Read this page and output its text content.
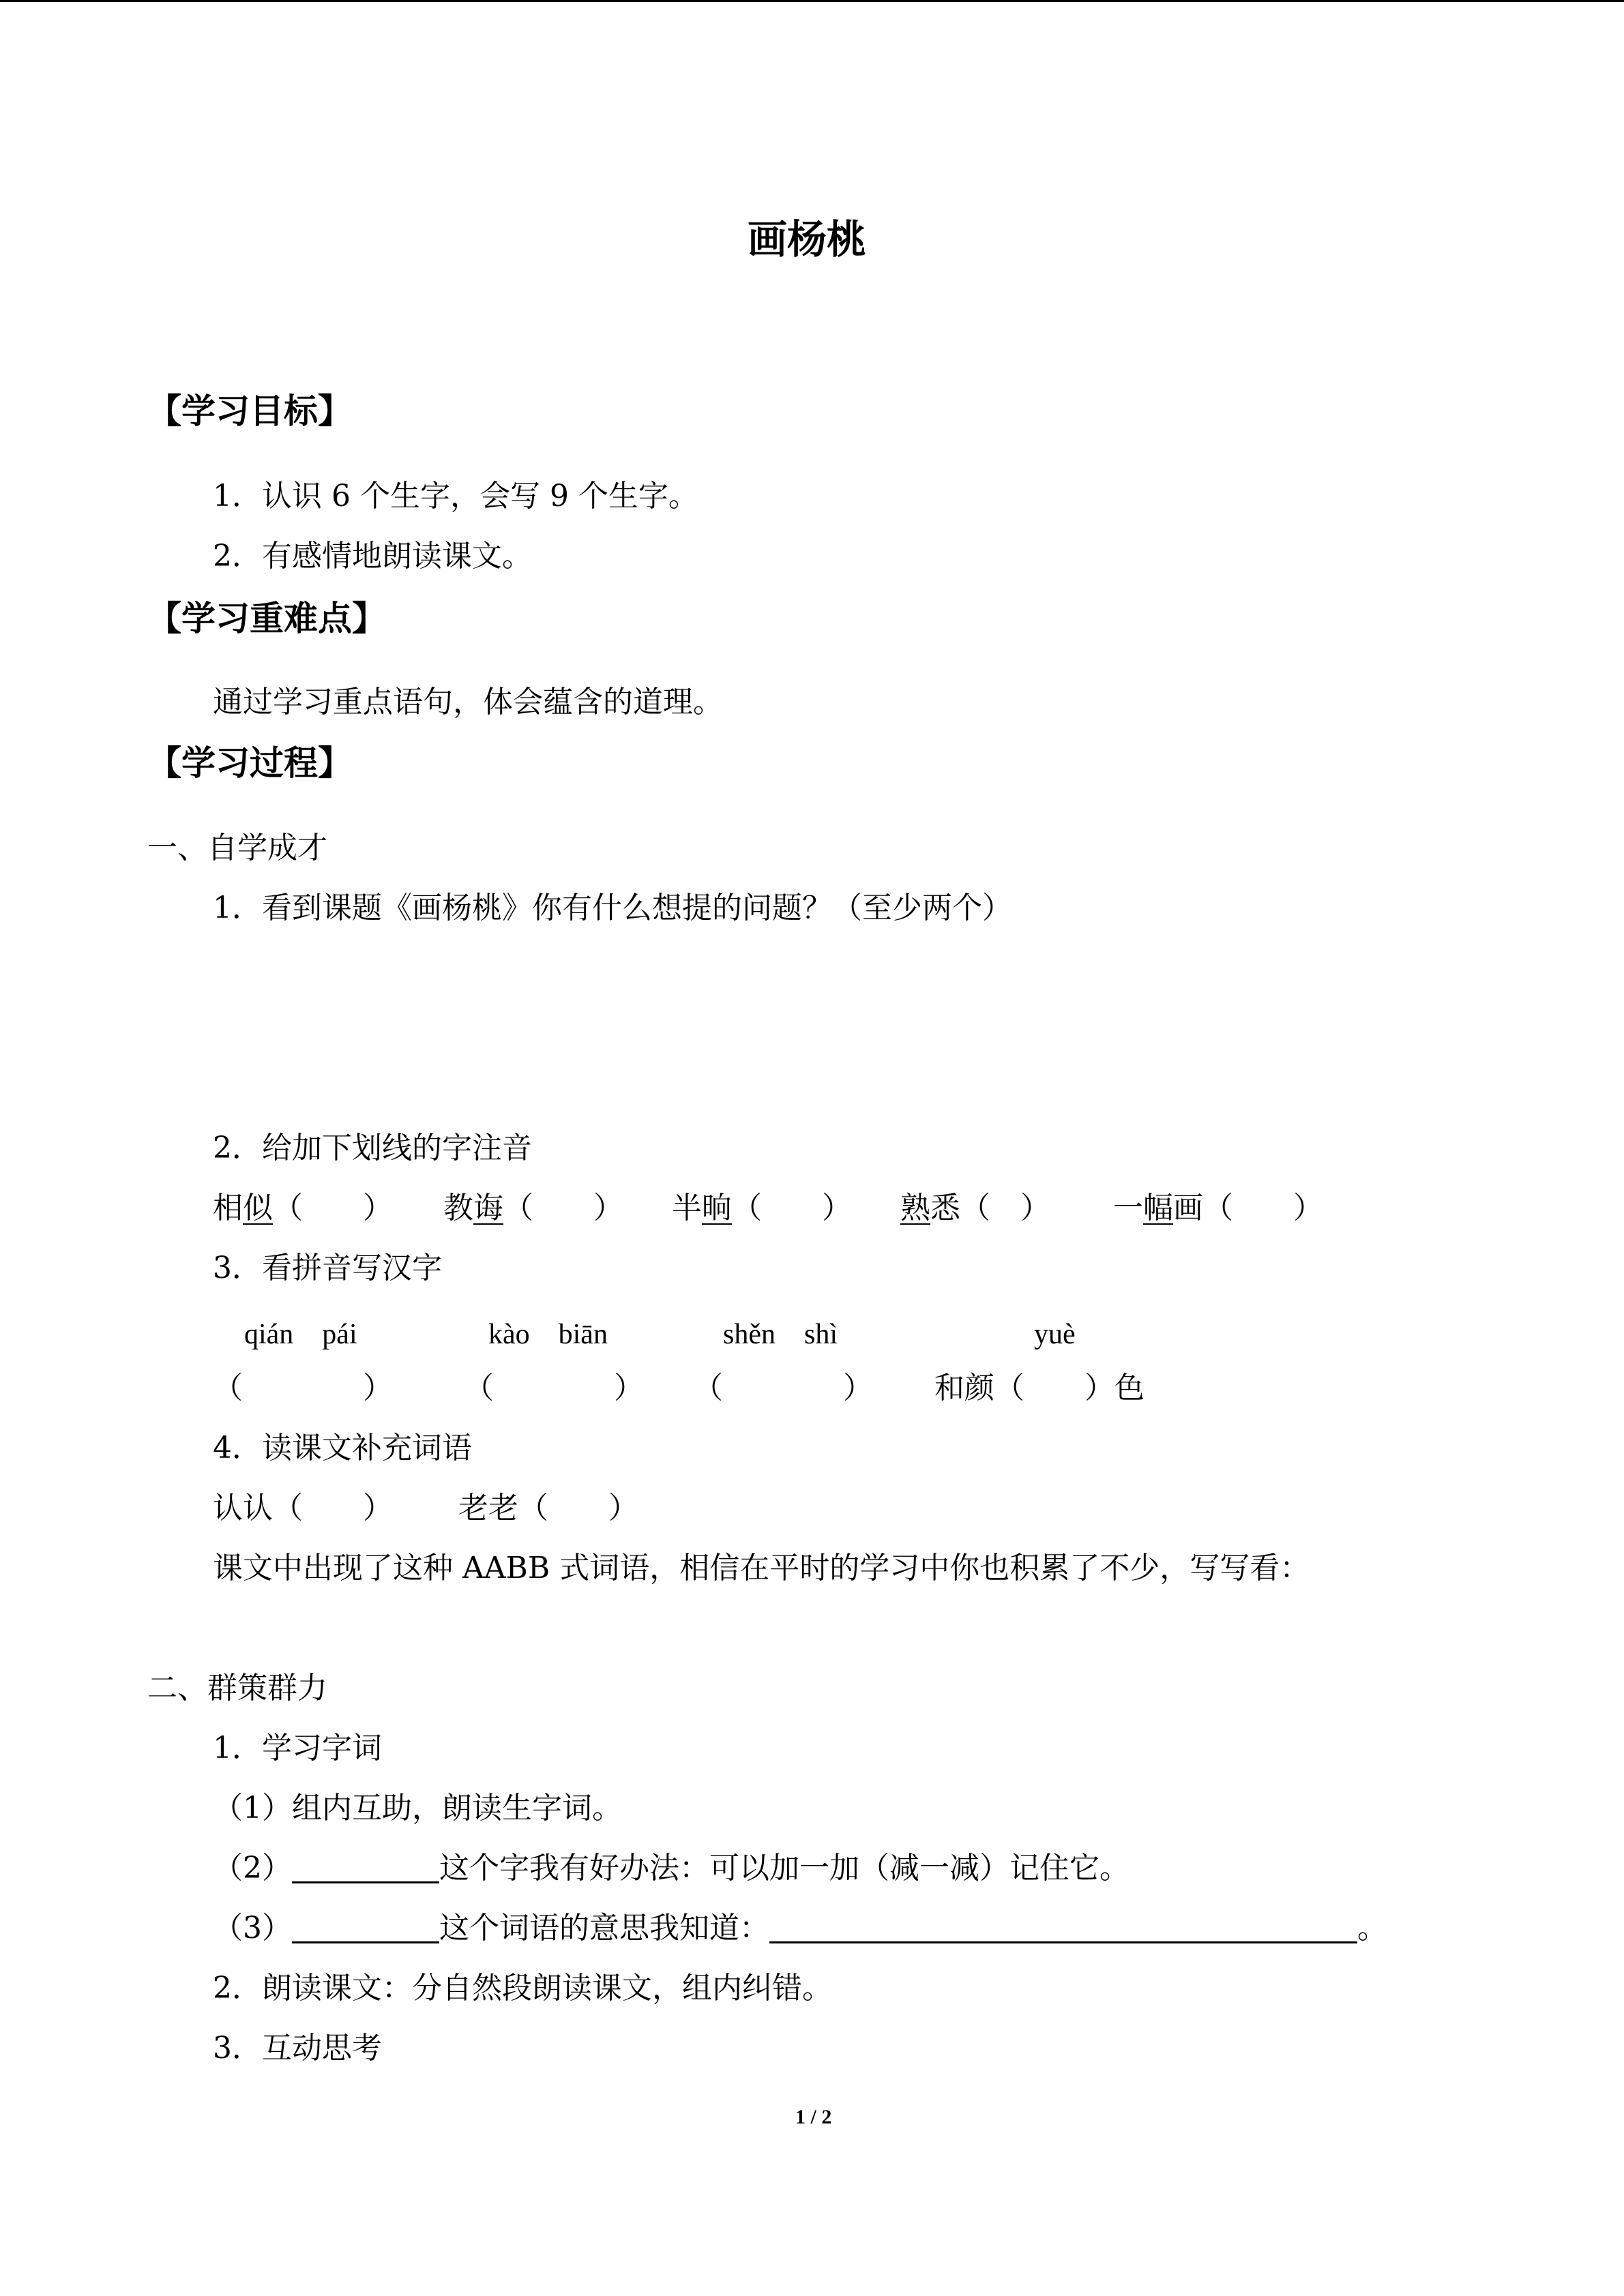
画杨桃
【学习目标】
1．认识 6 个生字，会写 9 个生字。
2．有感情地朗读课文。
【学习重难点】
通过学习重点语句，体会蕴含的道理。
【学习过程】
一、自学成才
1．看到课题《画杨桃》你有什么想提的问题？（至少两个）
2．给加下划线的字注音
相似（　　） 教诲（　　） 半晌（　　） 熟悉（　） 一幅画（　　）
3．看拼音写汉字
qián　pái	kào　biān	shěn　shì	yuè
（　　　　） （　　　　） （　　　　） 和颜（　　）色
4．读课文补充词语
认认（　　） 老老（　　）
课文中出现了这种 AABB 式词语，相信在平时的学习中你也积累了不少，写写看：
二、群策群力
1．学习字词
（1）组内互助，朗读生字词。
（2）	这个字我有好办法：可以加一加（减一减）记住它。
（3）	这个词语的意思我知道：	。
2．朗读课文：分自然段朗读课文，组内纠错。
3．互动思考
1 / 2
